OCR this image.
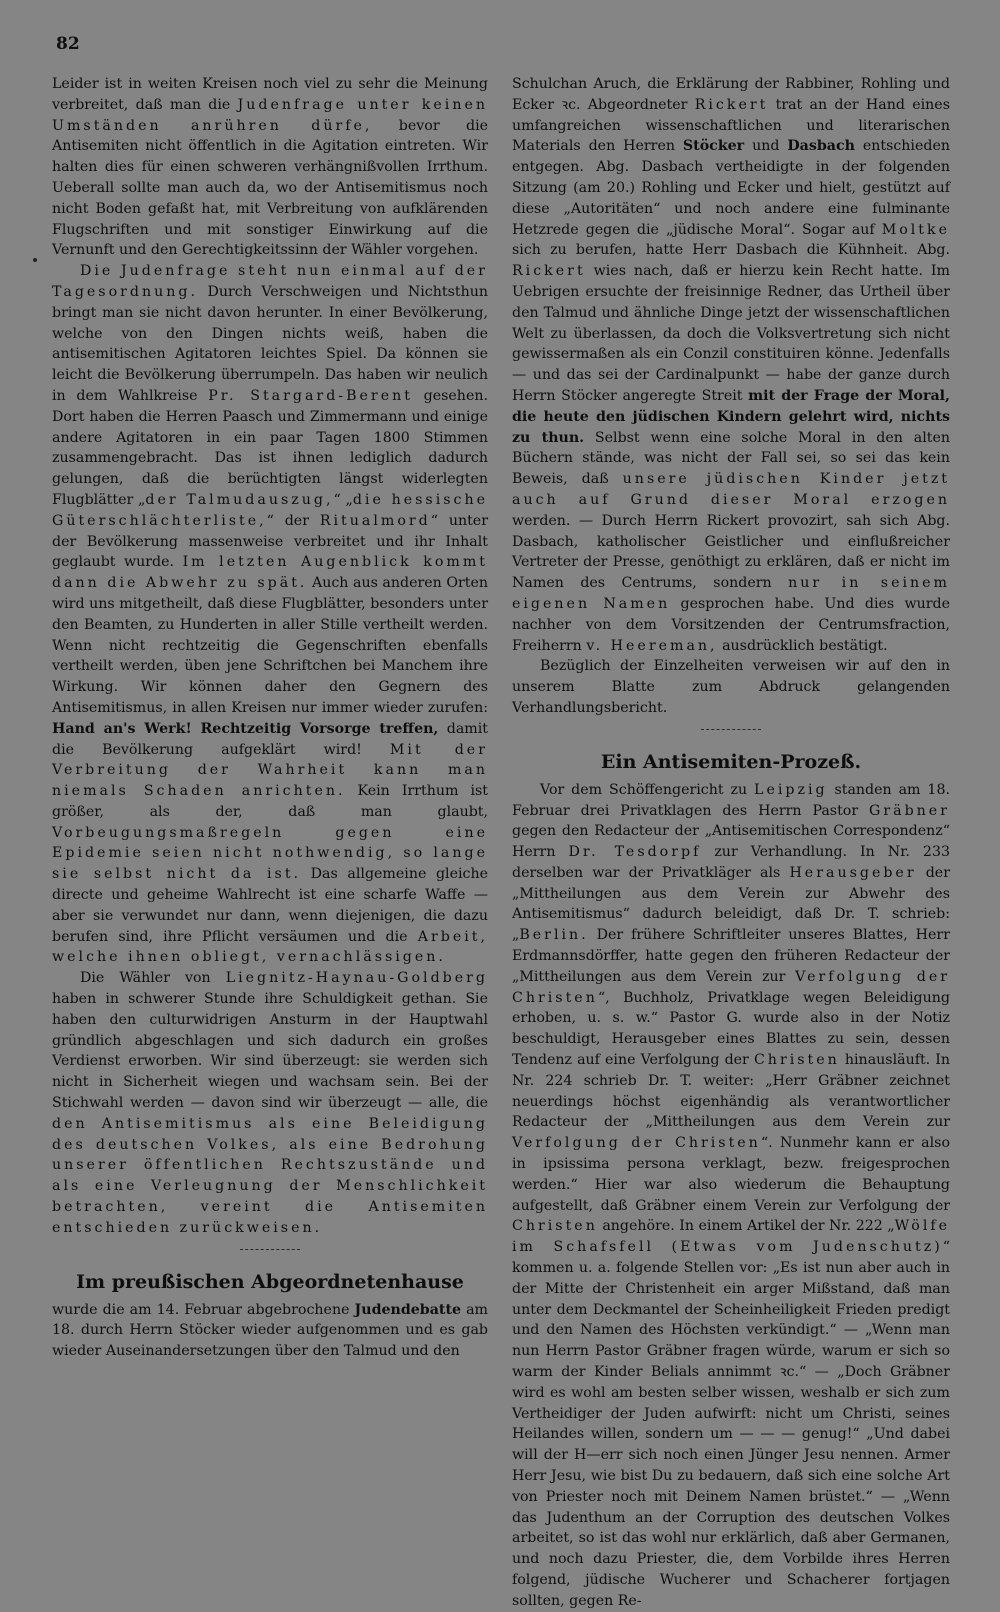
82

Leider ist in weiten Kreisen noch viel zu sehr die Meinung verbreitet, daß man die Judenfrage unter keinen Umständen anrühren dürfe, bevor die Antisemiten nicht öffentlich in die Agitation eintreten. Wir halten dies für einen schweren verhängnißvollen Irrthum. Ueberall sollte man auch da, wo der Antisemitismus noch nicht Boden gefaßt hat, mit Verbreitung von aufklärenden Flugschriften und mit sonstiger Einwirkung auf die Vernunft und den Gerechtigkeitssinn der Wähler vorgehen.

Die Judenfrage steht nun einmal auf der Tagesordnung. Durch Verschweigen und Nichtsthun bringt man sie nicht davon herunter. In einer Bevölkerung, welche von den Dingen nichts weiß, haben die antisemitischen Agitatoren leichtes Spiel. Da können sie leicht die Bevölkerung überrumpeln. Das haben wir neulich in dem Wahlkreise Pr. Stargard-Berent gesehen. Dort haben die Herren Paasch und Zimmermann und einige andere Agitatoren in ein paar Tagen 1800 Stimmen zusammengebracht. Das ist ihnen lediglich dadurch gelungen, daß die berüchtigten längst widerlegten Flugblätter „der Talmudauszug,“ „die hessische Güterschlächterliste,“ der Ritualmord“ unter der Bevölkerung massenweise verbreitet und ihr Inhalt geglaubt wurde. Im letzten Augenblick kommt dann die Abwehr zu spät. Auch aus anderen Orten wird uns mitgetheilt, daß diese Flugblätter, besonders unter den Beamten, zu Hunderten in aller Stille vertheilt werden. Wenn nicht rechtzeitig die Gegenschriften ebenfalls vertheilt werden, üben jene Schriftchen bei Manchem ihre Wirkung. Wir können daher den Gegnern des Antisemitismus, in allen Kreisen nur immer wieder zurufen: Hand an's Werk! Rechtzeitig Vorsorge treffen, damit die Bevölkerung aufgeklärt wird! Mit der Verbreitung der Wahrheit kann man niemals Schaden anrichten. Kein Irrthum ist größer, als der, daß man glaubt, Vorbeugungsmaßregeln gegen eine Epidemie seien nicht nothwendig, so lange sie selbst nicht da ist. Das allgemeine gleiche directe und geheime Wahlrecht ist eine scharfe Waffe — aber sie verwundet nur dann, wenn diejenigen, die dazu berufen sind, ihre Pflicht versäumen und die Arbeit, welche ihnen obliegt, vernachlässigen.

Die Wähler von Liegnitz-Haynau-Goldberg haben in schwerer Stunde ihre Schuldigkeit gethan. Sie haben den culturwidrigen Ansturm in der Hauptwahl gründlich abgeschlagen und sich dadurch ein großes Verdienst erworben. Wir sind überzeugt: sie werden sich nicht in Sicherheit wiegen und wachsam sein. Bei der Stichwahl werden — davon sind wir überzeugt — alle, die den Antisemitismus als eine Beleidigung des deutschen Volkes, als eine Bedrohung unserer öffentlichen Rechtszustände und als eine Verleugnung der Menschlichkeit betrachten, vereint die Antisemiten entschieden zurückweisen.

Im preußischen Abgeordnetenhause

wurde die am 14. Februar abgebrochene Judendebatte am 18. durch Herrn Stöcker wieder aufgenommen und es gab wieder Auseinandersetzungen über den Talmud und den

Schulchan Aruch, die Erklärung der Rabbiner, Rohling und Ecker ꝛc. Abgeordneter Rickert trat an der Hand eines umfangreichen wissenschaftlichen und literarischen Materials den Herren Stöcker und Dasbach entschieden entgegen. Abg. Dasbach vertheidigte in der folgenden Sitzung (am 20.) Rohling und Ecker und hielt, gestützt auf diese „Autoritäten“ und noch andere eine fulminante Hetzrede gegen die „jüdische Moral“. Sogar auf Moltke sich zu berufen, hatte Herr Dasbach die Kühnheit. Abg. Rickert wies nach, daß er hierzu kein Recht hatte. Im Uebrigen ersuchte der freisinnige Redner, das Urtheil über den Talmud und ähnliche Dinge jetzt der wissenschaftlichen Welt zu überlassen, da doch die Volksvertretung sich nicht gewissermaßen als ein Conzil constituiren könne. Jedenfalls — und das sei der Cardinalpunkt — habe der ganze durch Herrn Stöcker angeregte Streit mit der Frage der Moral, die heute den jüdischen Kindern gelehrt wird, nichts zu thun. Selbst wenn eine solche Moral in den alten Büchern stände, was nicht der Fall sei, so sei das kein Beweis, daß unsere jüdischen Kinder jetzt auch auf Grund dieser Moral erzogen werden. — Durch Herrn Rickert provozirt, sah sich Abg. Dasbach, katholischer Geistlicher und einflußreicher Vertreter der Presse, genöthigt zu erklären, daß er nicht im Namen des Centrums, sondern nur in seinem eigenen Namen gesprochen habe. Und dies wurde nachher von dem Vorsitzenden der Centrumsfraction, Freiherrn v. Heereman, ausdrücklich bestätigt.

Bezüglich der Einzelheiten verweisen wir auf den in unserem Blatte zum Abdruck gelangenden Verhandlungsbericht.

Ein Antisemiten-Prozeß.

Vor dem Schöffengericht zu Leipzig standen am 18. Februar drei Privatklagen des Herrn Pastor Gräbner gegen den Redacteur der „Antisemitischen Correspondenz“ Herrn Dr. Tesdorpf zur Verhandlung. In Nr. 233 derselben war der Privatkläger als Herausgeber der „Mittheilungen aus dem Verein zur Abwehr des Antisemitismus“ dadurch beleidigt, daß Dr. T. schrieb: „Berlin. Der frühere Schriftleiter unseres Blattes, Herr Erdmannsdörffer, hatte gegen den früheren Redacteur der „Mittheilungen aus dem Verein zur Verfolgung der Christen“, Buchholz, Privatklage wegen Beleidigung erhoben, u. s. w.“ Pastor G. wurde also in der Notiz beschuldigt, Herausgeber eines Blattes zu sein, dessen Tendenz auf eine Verfolgung der Christen hinausläuft. In Nr. 224 schrieb Dr. T. weiter: „Herr Gräbner zeichnet neuerdings höchst eigenhändig als verantwortlicher Redacteur der „Mittheilungen aus dem Verein zur Verfolgung der Christen“. Nunmehr kann er also in ipsissima persona verklagt, bezw. freigesprochen werden.“ Hier war also wiederum die Behauptung aufgestellt, daß Gräbner einem Verein zur Verfolgung der Christen angehöre. In einem Artikel der Nr. 222 „Wölfe im Schafsfell (Etwas vom Judenschutz)“ kommen u. a. folgende Stellen vor: „Es ist nun aber auch in der Mitte der Christenheit ein arger Mißstand, daß man unter dem Deckmantel der Scheinheiligkeit Frieden predigt und den Namen des Höchsten verkündigt.“ — „Wenn man nun Herrn Pastor Gräbner fragen würde, warum er sich so warm der Kinder Belials annimmt ꝛc.“ — „Doch Gräbner wird es wohl am besten selber wissen, weshalb er sich zum Vertheidiger der Juden aufwirft: nicht um Christi, seines Heilandes willen, sondern um — — — genug!“ „Und dabei will der H—err sich noch einen Jünger Jesu nennen. Armer Herr Jesu, wie bist Du zu bedauern, daß sich eine solche Art von Priester noch mit Deinem Namen brüstet.“ — „Wenn das Judenthum an der Corruption des deutschen Volkes arbeitet, so ist das wohl nur erklärlich, daß aber Germanen, und noch dazu Priester, die, dem Vorbilde ihres Herren folgend, jüdische Wucherer und Schacherer fortjagen sollten, gegen Re-
